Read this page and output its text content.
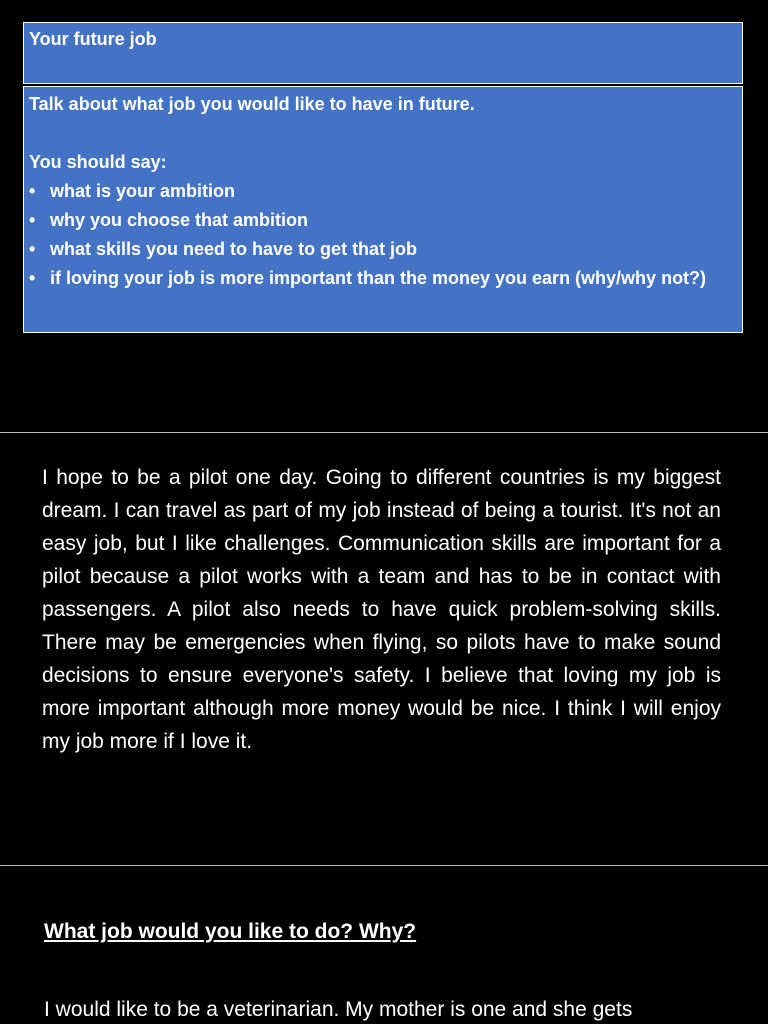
Your future job

Talk about what job you would like to have in future.

You should say:

• what is your ambition
• why you choose that ambition
• what skills you need to have to get that job
• if loving your job is more important than the money you earn (why/why not?)

I hope to be a pilot one day. Going to different countries is my biggest dream. I can travel as part of my job instead of being a tourist. It's not an easy job, but I like challenges. Communication skills are important for a pilot because a pilot works with a team and has to be in contact with passengers. A pilot also needs to have quick problem-solving skills. There may be emergencies when flying, so pilots have to make sound decisions to ensure everyone's safety. I believe that loving my job is more important although more money would be nice. I think I will enjoy my job more if I love it.

What job would you like to do? Why?

I would like to be a veterinarian. My mother is one and she gets
